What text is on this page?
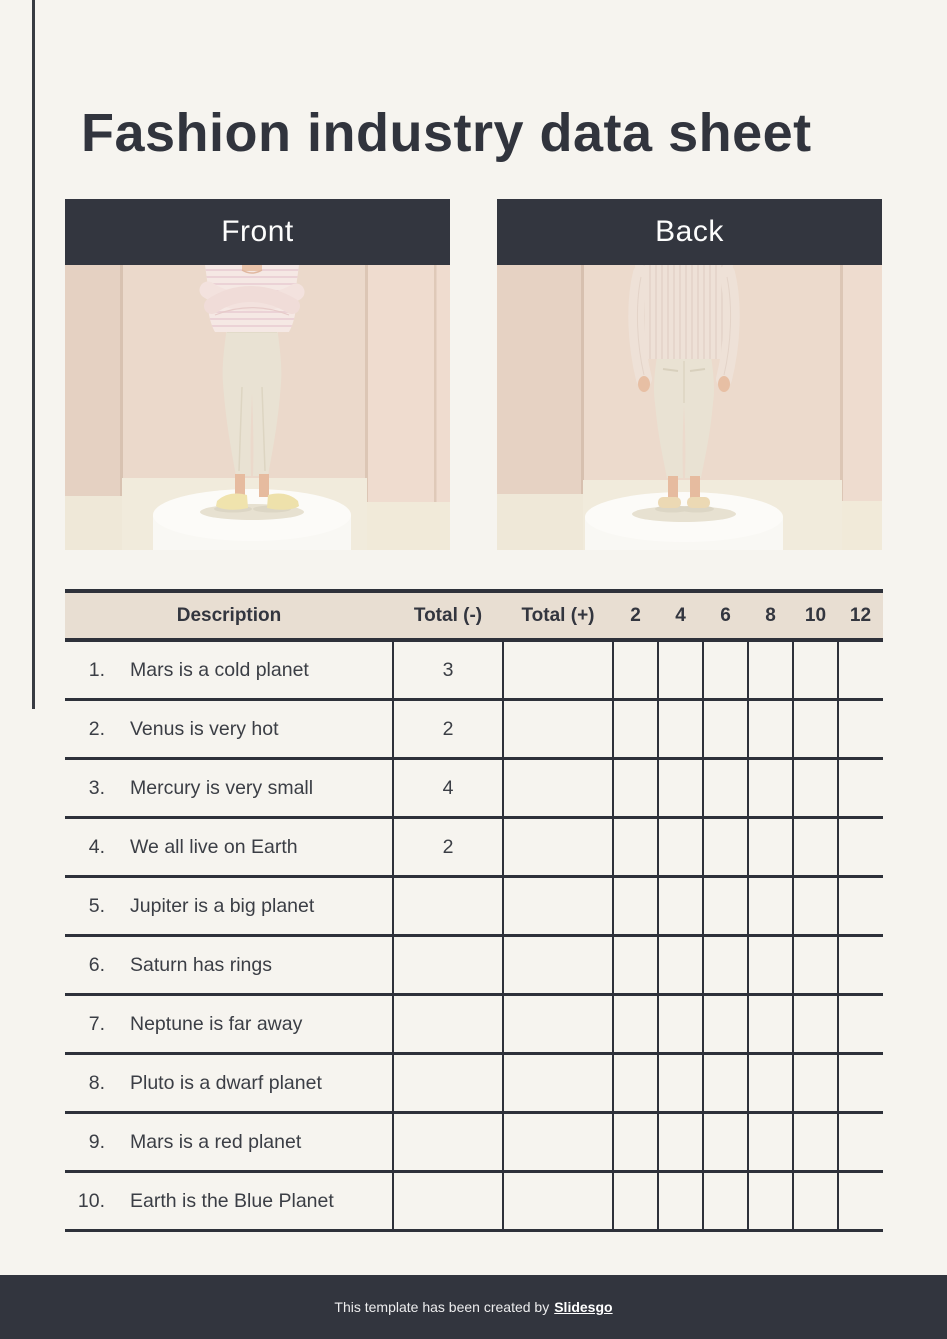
Fashion industry data sheet
Front	Back
Description	Total (-)	Total (+)	2	4	6	8	10	12
1. Mars is a cold planet	3							
2. Venus is very hot	2							
3. Mercury is very small	4							
4. We all live on Earth	2							
5. Jupiter is a big planet								
6. Saturn has rings								
7. Neptune is far away								
8. Pluto is a dwarf planet								
9. Mars is a red planet								
10. Earth is the Blue Planet								
This template has been created by Slidesgo
